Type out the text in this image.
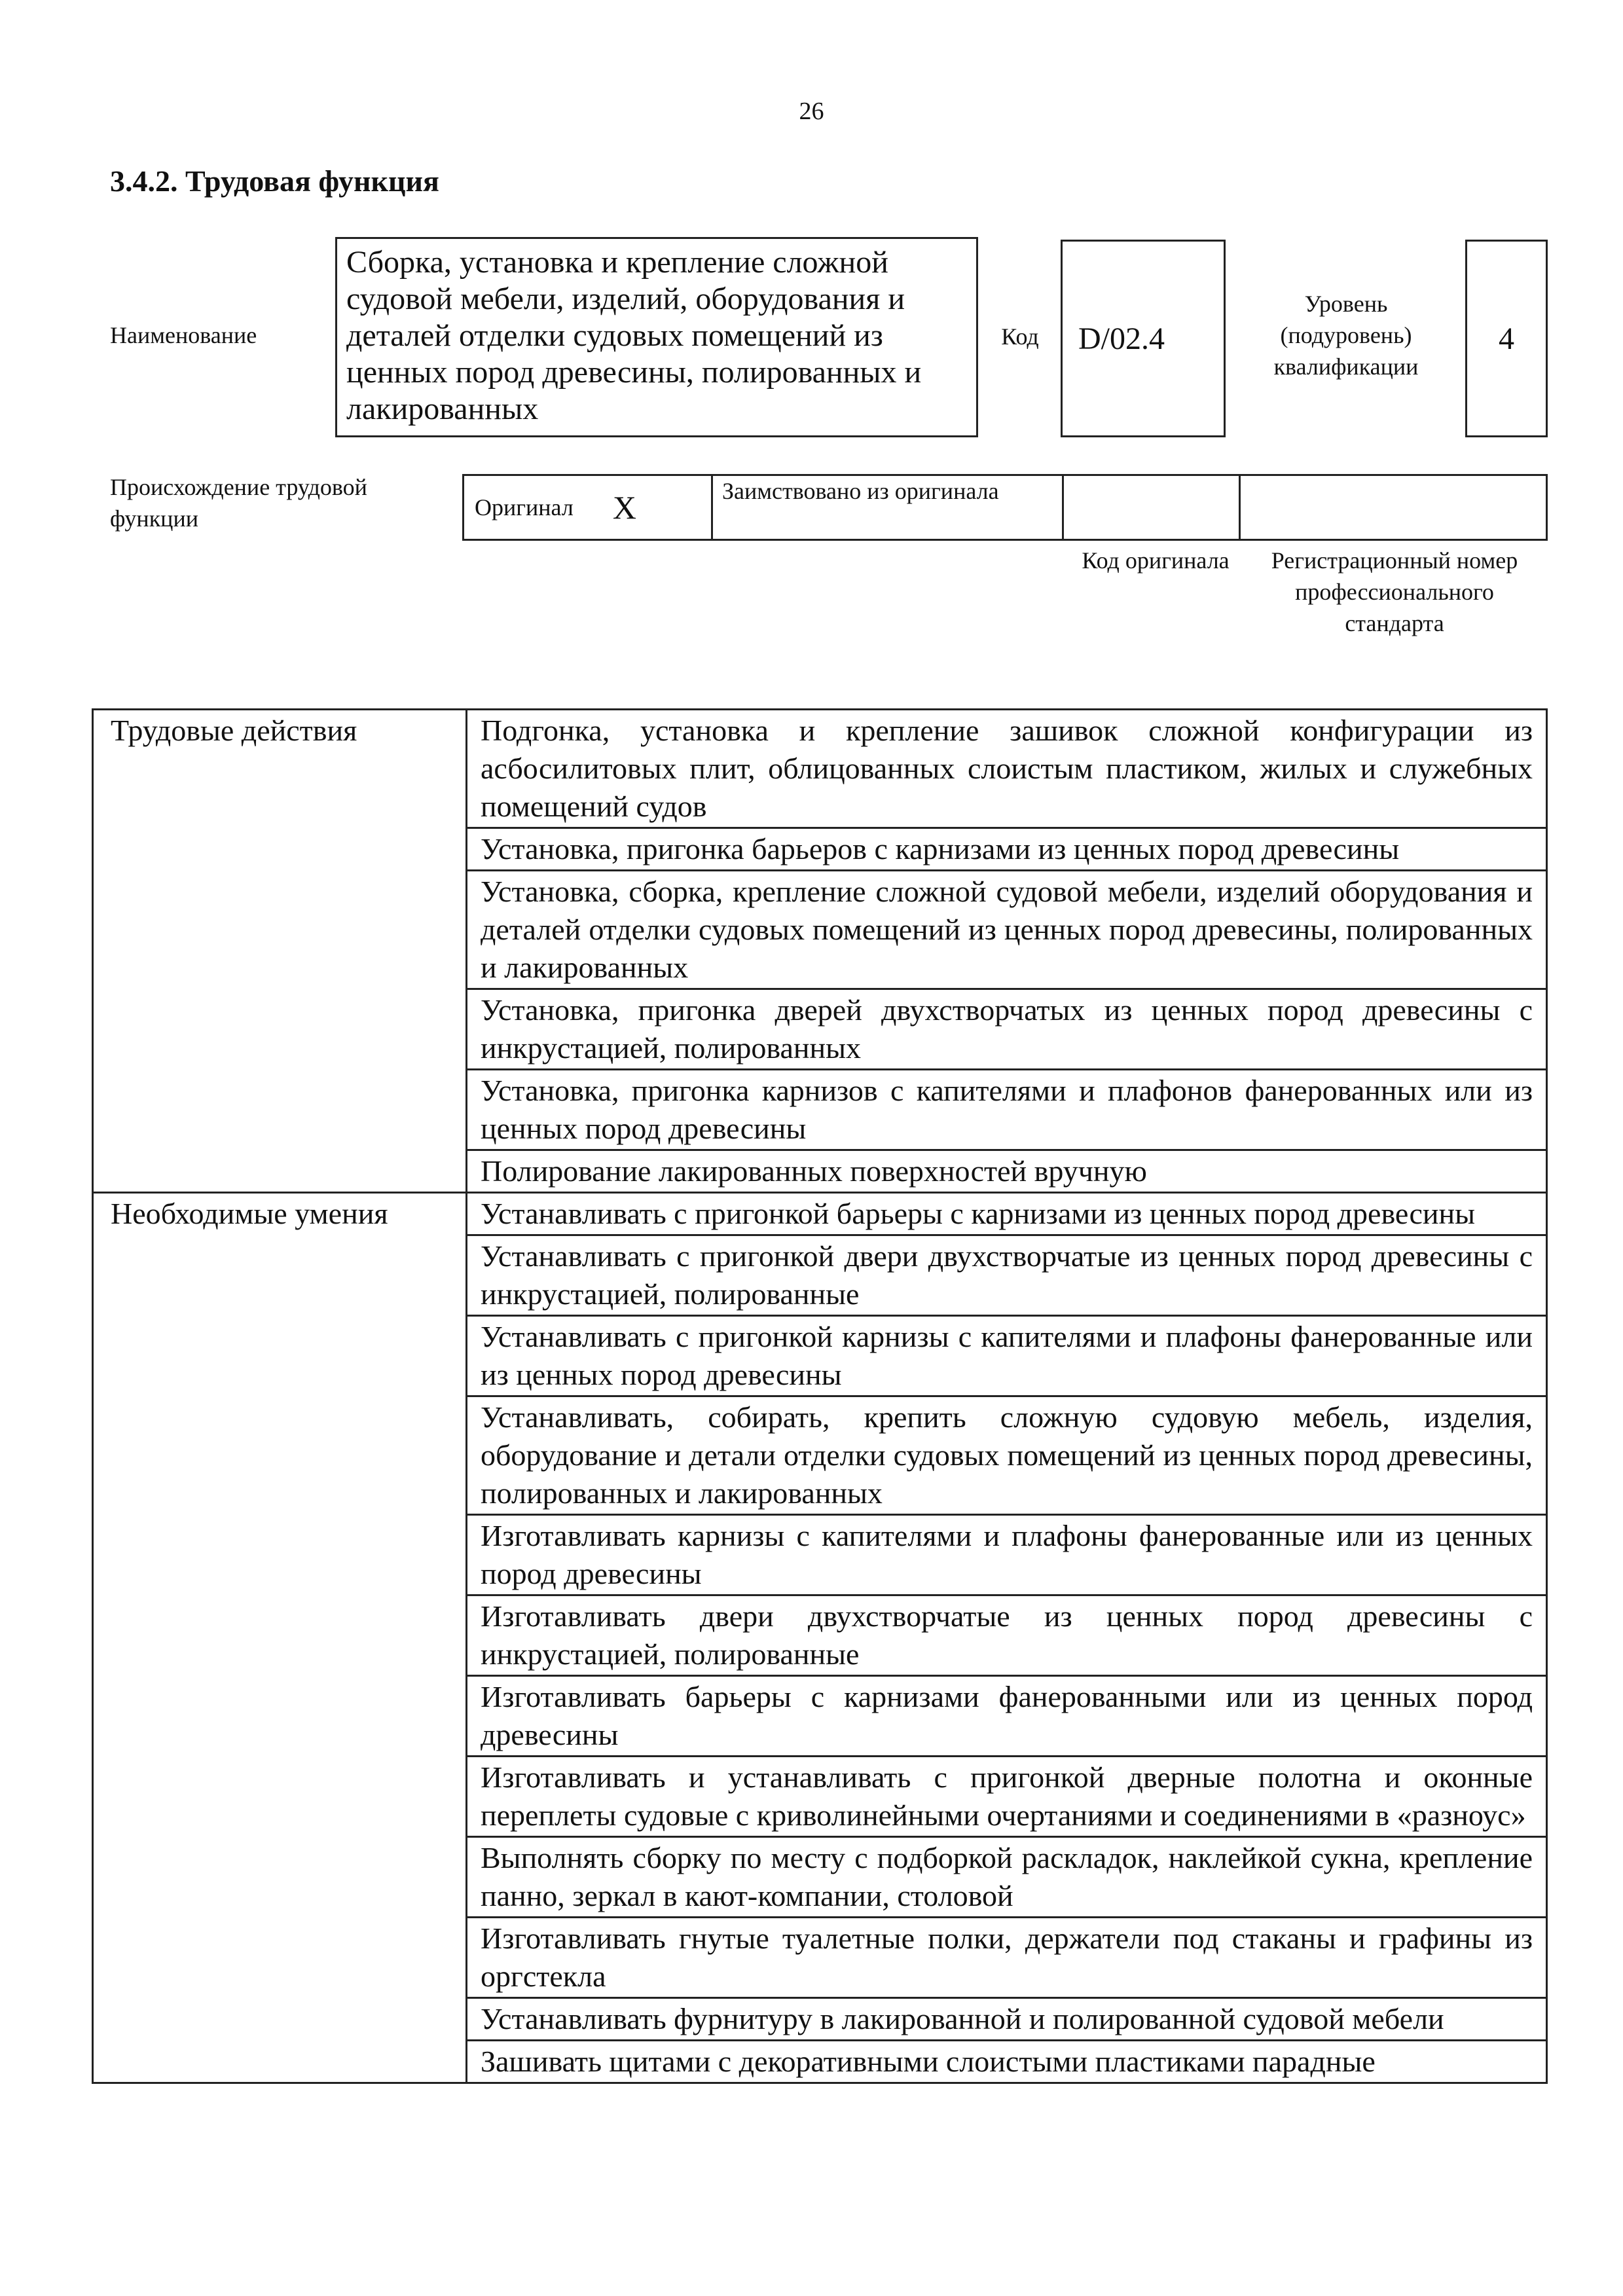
26
3.4.2. Трудовая функция
Наименование
Сборка, установка и крепление сложной судовой мебели, изделий, оборудования и деталей отделки судовых помещений из ценных пород древесины, полированных и лакированных
Код	D/02.4
Уровень (подуровень) квалификации
4
Происхождение трудовой функции	Оригинал X	Заимствовано из оригинала
Код оригинала	Регистрационный номер профессионального стандарта
Трудовые действия	Подгонка, установка и крепление зашивок сложной конфигурации из асбосилитовых плит, облицованных слоистым пластиком, жилых и служебных помещений судов
	Установка, пригонка барьеров с карнизами из ценных пород древесины
	Установка, сборка, крепление сложной судовой мебели, изделий оборудования и деталей отделки судовых помещений из ценных пород древесины, полированных и лакированных
	Установка, пригонка дверей двухстворчатых из ценных пород древесины с инкрустацией, полированных
	Установка, пригонка карнизов с капителями и плафонов фанерованных или из ценных пород древесины
	Полирование лакированных поверхностей вручную
Необходимые умения	Устанавливать с пригонкой барьеры с карнизами из ценных пород древесины
	Устанавливать с пригонкой двери двухстворчатые из ценных пород древесины с инкрустацией, полированные
	Устанавливать с пригонкой карнизы с капителями и плафоны фанерованные или из ценных пород древесины
	Устанавливать, собирать, крепить сложную судовую мебель, изделия, оборудование и детали отделки судовых помещений из ценных пород древесины, полированных и лакированных
	Изготавливать карнизы с капителями и плафоны фанерованные или из ценных пород древесины
	Изготавливать двери двухстворчатые из ценных пород древесины с инкрустацией, полированные
	Изготавливать барьеры с карнизами фанерованными или из ценных пород древесины
	Изготавливать и устанавливать с пригонкой дверные полотна и оконные переплеты судовые с криволинейными очертаниями и соединениями в «разноус»
	Выполнять сборку по месту с подборкой раскладок, наклейкой сукна, крепление панно, зеркал в кают-компании, столовой
	Изготавливать гнутые туалетные полки, держатели под стаканы и графины из оргстекла
	Устанавливать фурнитуру в лакированной и полированной судовой мебели
	Зашивать щитами с декоративными слоистыми пластиками парадные
